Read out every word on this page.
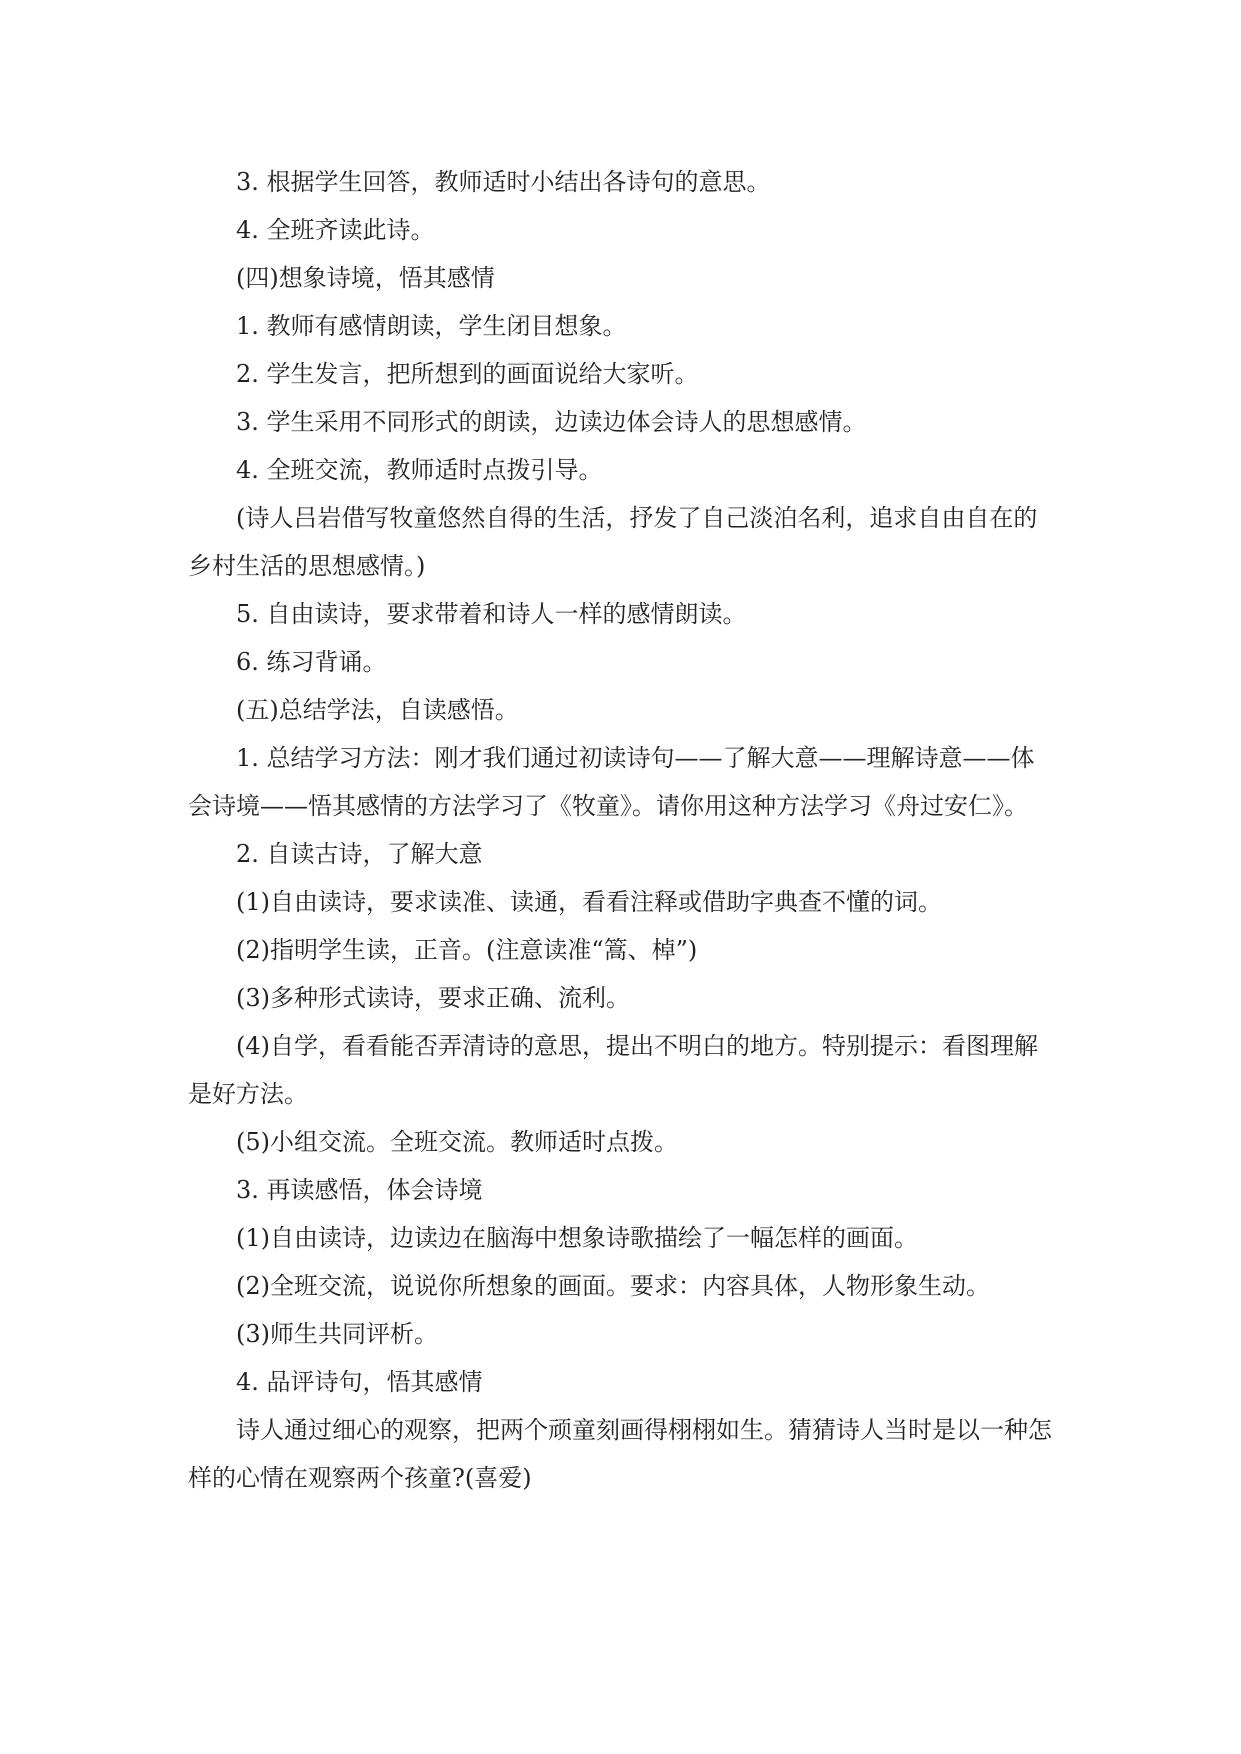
3. 根据学生回答，教师适时小结出各诗句的意思。

4. 全班齐读此诗。

(四)想象诗境，悟其感情

1. 教师有感情朗读，学生闭目想象。

2. 学生发言，把所想到的画面说给大家听。

3. 学生采用不同形式的朗读，边读边体会诗人的思想感情。

4. 全班交流，教师适时点拨引导。

(诗人吕岩借写牧童悠然自得的生活，抒发了自己淡泊名利，追求自由自在的乡村生活的思想感情。)

5. 自由读诗，要求带着和诗人一样的感情朗读。

6. 练习背诵。

(五)总结学法，自读感悟。

1. 总结学习方法：刚才我们通过初读诗句——了解大意——理解诗意——体会诗境——悟其感情的方法学习了《牧童》。请你用这种方法学习《舟过安仁》。

2. 自读古诗，了解大意

(1)自由读诗，要求读准、读通，看看注释或借助字典查不懂的词。

(2)指明学生读，正音。(注意读准“篙、棹”)

(3)多种形式读诗，要求正确、流利。

(4)自学，看看能否弄清诗的意思，提出不明白的地方。特别提示：看图理解是好方法。

(5)小组交流。全班交流。教师适时点拨。

3. 再读感悟，体会诗境

(1)自由读诗，边读边在脑海中想象诗歌描绘了一幅怎样的画面。

(2)全班交流，说说你所想象的画面。要求：内容具体，人物形象生动。

(3)师生共同评析。

4. 品评诗句，悟其感情

诗人通过细心的观察，把两个顽童刻画得栩栩如生。猜猜诗人当时是以一种怎样的心情在观察两个孩童?(喜爱)
